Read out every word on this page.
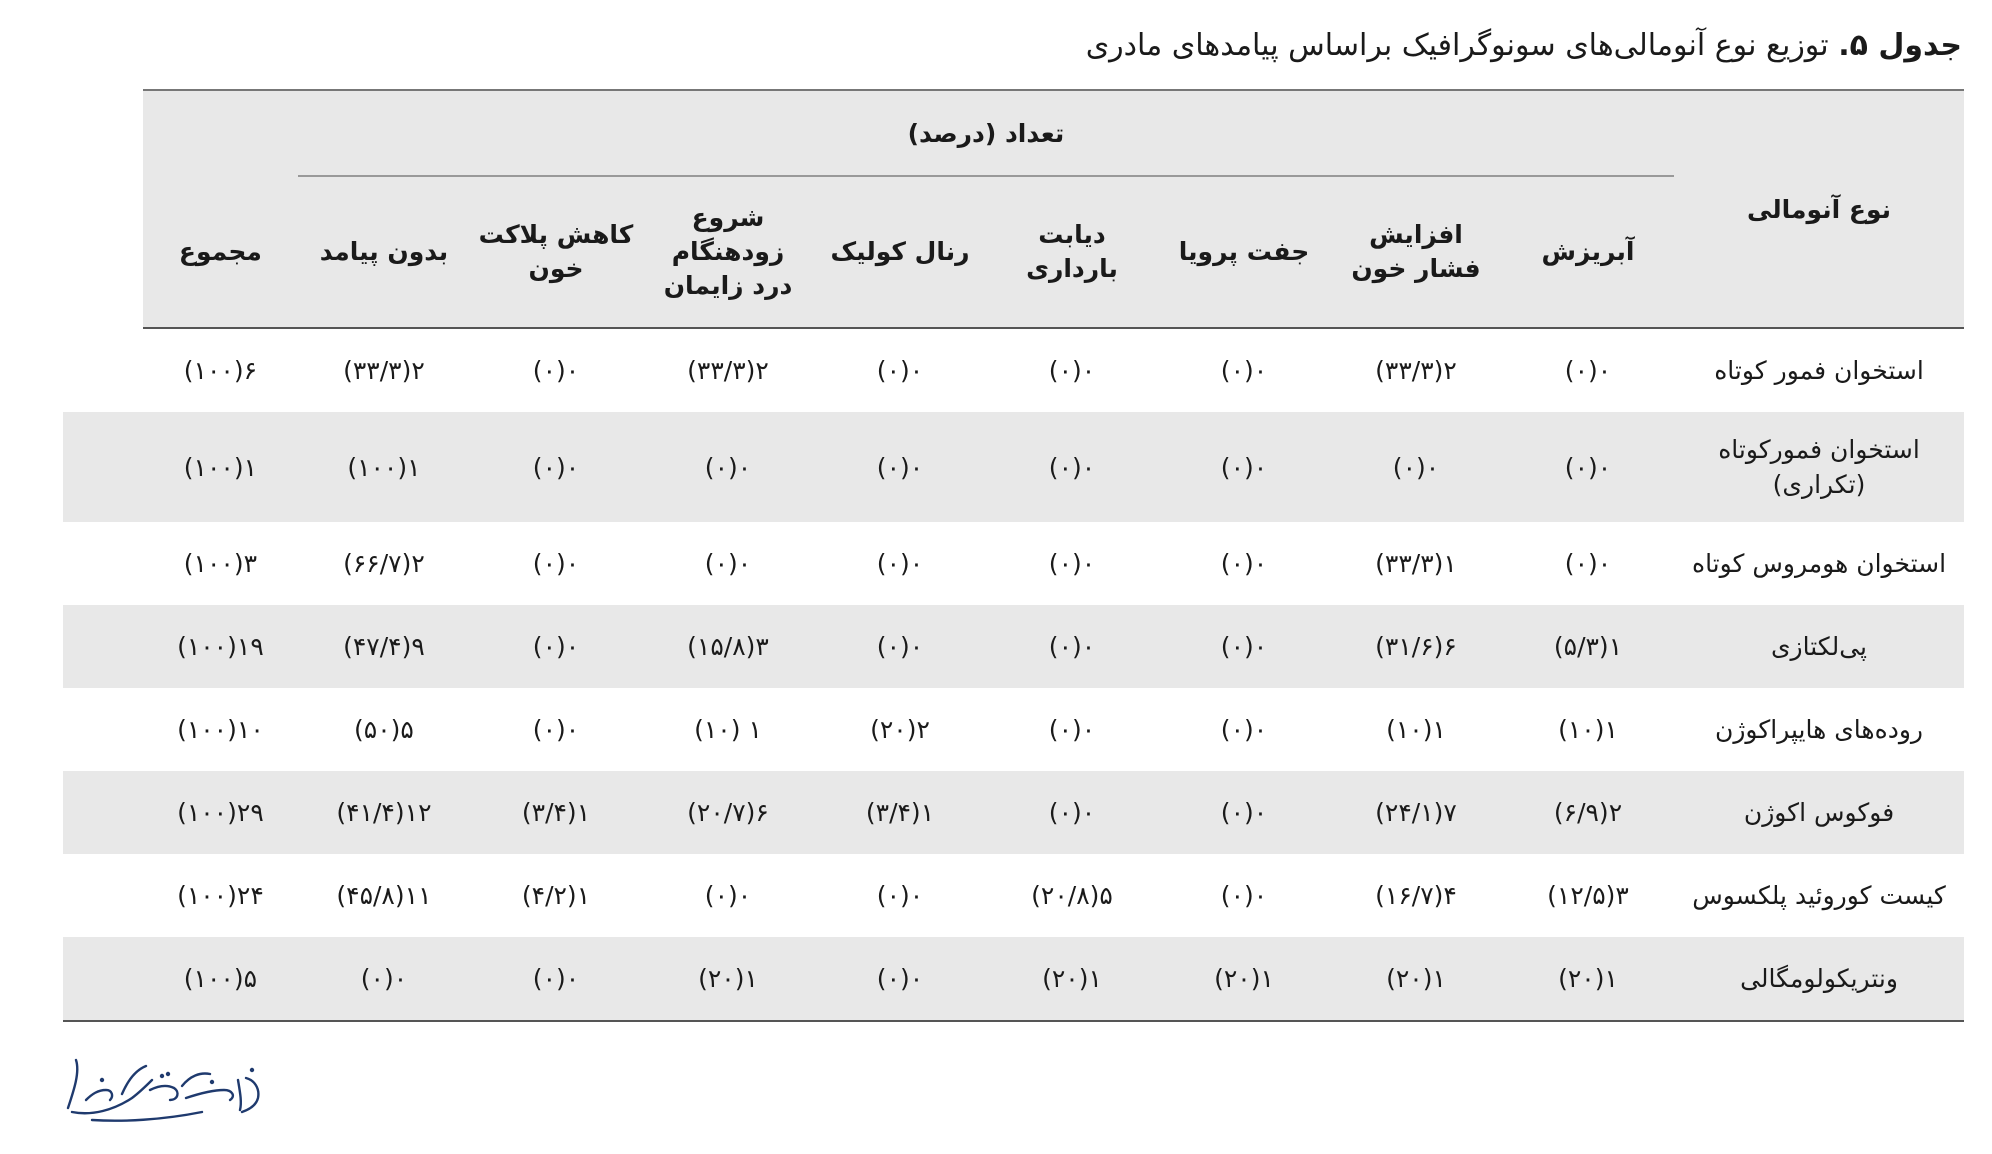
جدول ۵. توزیع نوع آنومالی‌های سونوگرافیک براساس پیامدهای مادری
نوع آنومالی	تعداد (درصد)									
	آبریزش	افزایش فشار خون	جفت پرویا	دیابت بارداری	رنال کولیک	شروع زودهنگام درد زایمان	کاهش پلاکت خون	بدون پیامد	مجموع	
استخوان فمور کوتاه	۰(۰)	۲(۳۳/۳)	۰(۰)	۰(۰)	۰(۰)	۲(۳۳/۳)	۰(۰)	۲(۳۳/۳)	۶(۱۰۰)	
استخوان فمورکوتاه (تکراری)	۰(۰)	۰(۰)	۰(۰)	۰(۰)	۰(۰)	۰(۰)	۰(۰)	۱(۱۰۰)	۱(۱۰۰)	
استخوان هومروس کوتاه	۰(۰)	۱(۳۳/۳)	۰(۰)	۰(۰)	۰(۰)	۰(۰)	۰(۰)	۲(۶۶/۷)	۳(۱۰۰)	
پی‌لکتازی	۱(۵/۳)	۶(۳۱/۶)	۰(۰)	۰(۰)	۰(۰)	۳(۱۵/۸)	۰(۰)	۹(۴۷/۴)	۱۹(۱۰۰)	
روده‌های هایپراکوژن	۱(۱۰)	۱(۱۰)	۰(۰)	۰(۰)	۲(۲۰)	۱ (۱۰)	۰(۰)	۵(۵۰)	۱۰(۱۰۰)	
فوکوس اکوژن	۲(۶/۹)	۷(۲۴/۱)	۰(۰)	۰(۰)	۱(۳/۴)	۶(۲۰/۷)	۱(۳/۴)	۱۲(۴۱/۴)	۲۹(۱۰۰)	
کیست کوروئید پلکسوس	۳(۱۲/۵)	۴(۱۶/۷)	۰(۰)	۵(۲۰/۸)	۰(۰)	۰(۰)	۱(۴/۲)	۱۱(۴۵/۸)	۲۴(۱۰۰)	
ونتریکولومگالی	۱(۲۰)	۱(۲۰)	۱(۲۰)	۱(۲۰)	۰(۰)	۱(۲۰)	۰(۰)	۰(۰)	۵(۱۰۰)	
